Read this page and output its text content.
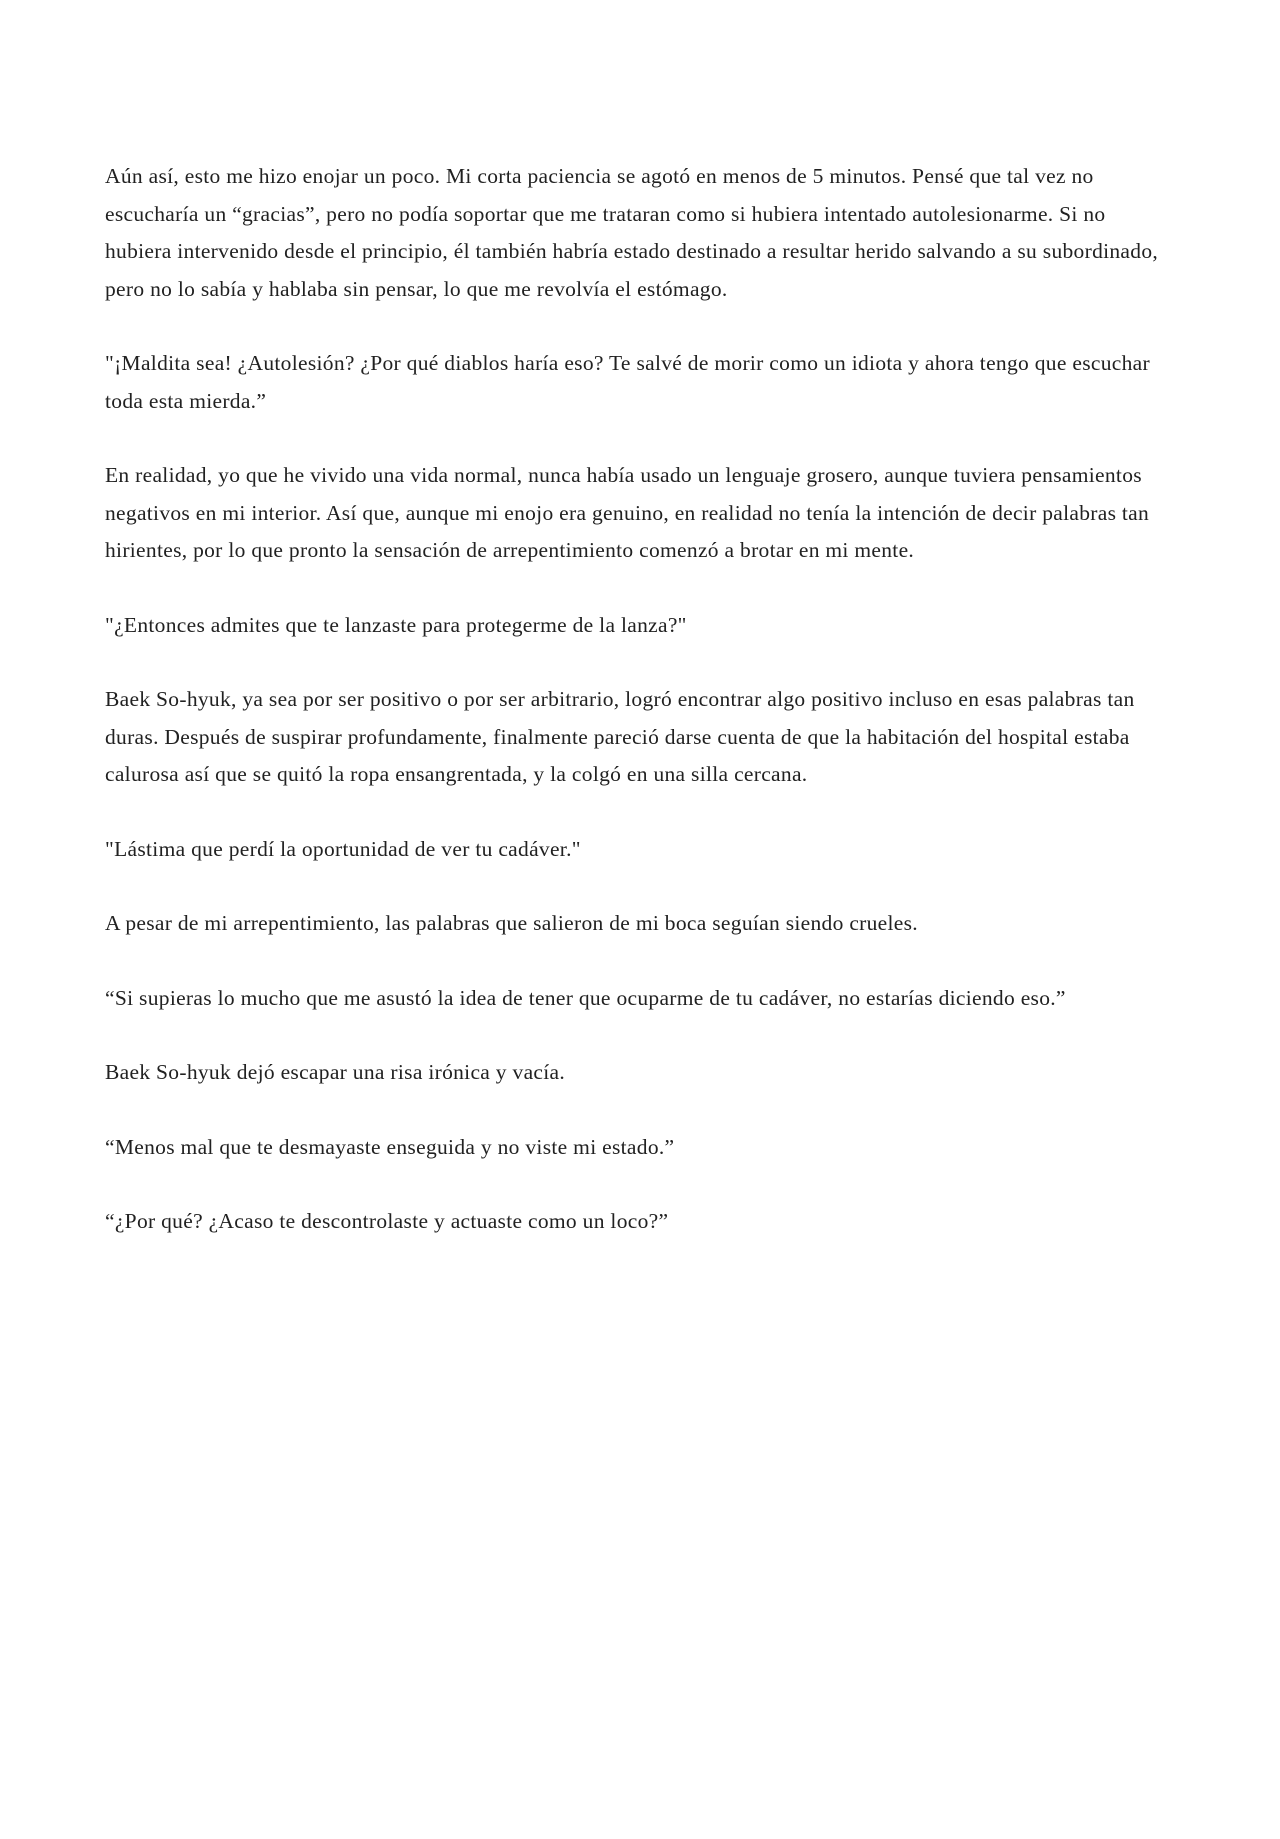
Aún así, esto me hizo enojar un poco. Mi corta paciencia se agotó en menos de 5 minutos. Pensé que tal vez no escucharía un “gracias”, pero no podía soportar que me trataran como si hubiera intentado autolesionarme. Si no hubiera intervenido desde el principio, él también habría estado destinado a resultar herido salvando a su subordinado, pero no lo sabía y hablaba sin pensar, lo que me revolvía el estómago.

"¡Maldita sea! ¿Autolesión? ¿Por qué diablos haría eso? Te salvé de morir como un idiota y ahora tengo que escuchar toda esta mierda.”

En realidad, yo que he vivido una vida normal, nunca había usado un lenguaje grosero, aunque tuviera pensamientos negativos en mi interior. Así que, aunque mi enojo era genuino, en realidad no tenía la intención de decir palabras tan hirientes, por lo que pronto la sensación de arrepentimiento comenzó a brotar en mi mente.

"¿Entonces admites que te lanzaste para protegerme de la lanza?"

Baek So-hyuk, ya sea por ser positivo o por ser arbitrario, logró encontrar algo positivo incluso en esas palabras tan duras. Después de suspirar profundamente, finalmente pareció darse cuenta de que la habitación del hospital estaba calurosa así que se quitó la ropa ensangrentada, y la colgó en una silla cercana.

"Lástima que perdí la oportunidad de ver tu cadáver."

A pesar de mi arrepentimiento, las palabras que salieron de mi boca seguían siendo crueles.

“Si supieras lo mucho que me asustó la idea de tener que ocuparme de tu cadáver, no estarías diciendo eso.”

Baek So-hyuk dejó escapar una risa irónica y vacía.

“Menos mal que te desmayaste enseguida y no viste mi estado.”

“¿Por qué? ¿Acaso te descontrolaste y actuaste como un loco?”
